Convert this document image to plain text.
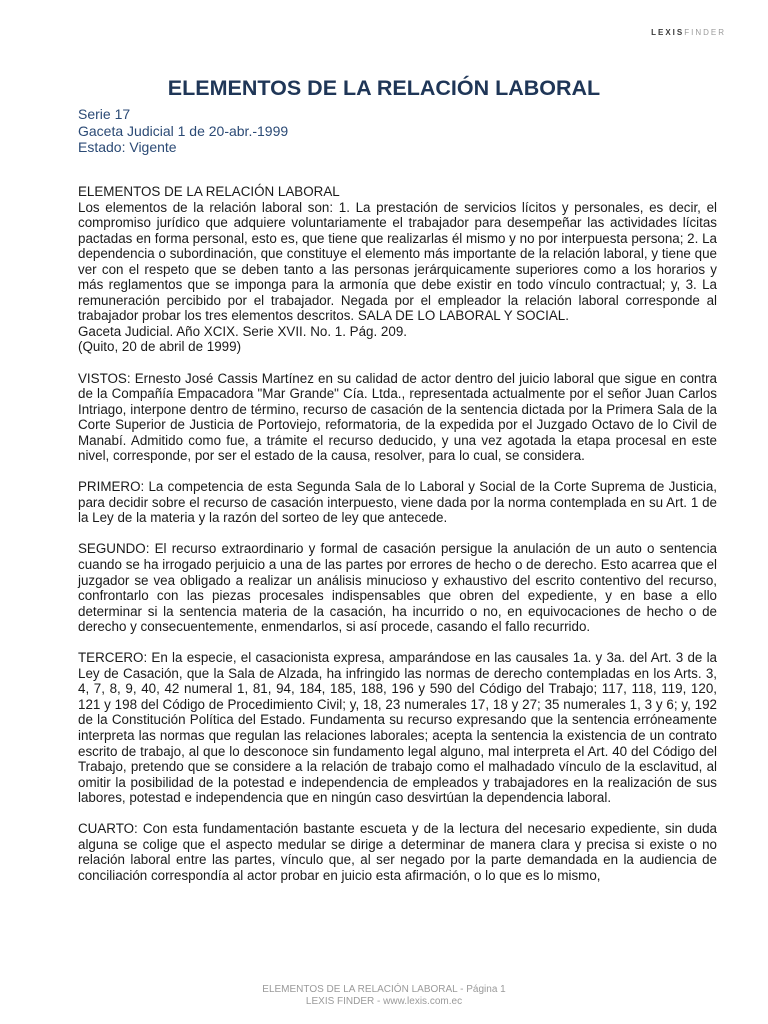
LEXISFINDER
ELEMENTOS DE LA RELACIÓN LABORAL
Serie 17
Gaceta Judicial 1 de 20-abr.-1999
Estado: Vigente

ELEMENTOS DE LA RELACIÓN LABORAL
Los elementos de la relación laboral son: 1. La prestación de servicios lícitos y personales, es decir, el compromiso jurídico que adquiere voluntariamente el trabajador para desempeñar las actividades lícitas pactadas en forma personal, esto es, que tiene que realizarlas él mismo y no por interpuesta persona; 2. La dependencia o subordinación, que constituye el elemento más importante de la relación laboral, y tiene que ver con el respeto que se deben tanto a las personas jerárquicamente superiores como a los horarios y más reglamentos que se imponga para la armonía que debe existir en todo vínculo contractual; y, 3. La remuneración percibido por el trabajador. Negada por el empleador la relación laboral corresponde al trabajador probar los tres elementos descritos. SALA DE LO LABORAL Y SOCIAL.
Gaceta Judicial. Año XCIX. Serie XVII. No. 1. Pág. 209.
(Quito, 20 de abril de 1999)

VISTOS: Ernesto José Cassis Martínez en su calidad de actor dentro del juicio laboral que sigue en contra de la Compañía Empacadora "Mar Grande" Cía. Ltda., representada actualmente por el señor Juan Carlos Intriago, interpone dentro de término, recurso de casación de la sentencia dictada por la Primera Sala de la Corte Superior de Justicia de Portoviejo, reformatoria, de la expedida por el Juzgado Octavo de lo Civil de Manabí. Admitido como fue, a trámite el recurso deducido, y una vez agotada la etapa procesal en este nivel, corresponde, por ser el estado de la causa, resolver, para lo cual, se considera.

PRIMERO: La competencia de esta Segunda Sala de lo Laboral y Social de la Corte Suprema de Justicia, para decidir sobre el recurso de casación interpuesto, viene dada por la norma contemplada en su Art. 1 de la Ley de la materia y la razón del sorteo de ley que antecede.

SEGUNDO: El recurso extraordinario y formal de casación persigue la anulación de un auto o sentencia cuando se ha irrogado perjuicio a una de las partes por errores de hecho o de derecho. Esto acarrea que el juzgador se vea obligado a realizar un análisis minucioso y exhaustivo del escrito contentivo del recurso, confrontarlo con las piezas procesales indispensables que obren del expediente, y en base a ello determinar si la sentencia materia de la casación, ha incurrido o no, en equivocaciones de hecho o de derecho y consecuentemente, enmendarlos, si así procede, casando el fallo recurrido.

TERCERO: En la especie, el casacionista expresa, amparándose en las causales 1a. y 3a. del Art. 3 de la Ley de Casación, que la Sala de Alzada, ha infringido las normas de derecho contempladas en los Arts. 3, 4, 7, 8, 9, 40, 42 numeral 1, 81, 94, 184, 185, 188, 196 y 590 del Código del Trabajo; 117, 118, 119, 120, 121 y 198 del Código de Procedimiento Civil; y, 18, 23 numerales 17, 18 y 27; 35 numerales 1, 3 y 6; y, 192 de la Constitución Política del Estado. Fundamenta su recurso expresando que la sentencia erróneamente interpreta las normas que regulan las relaciones laborales; acepta la sentencia la existencia de un contrato escrito de trabajo, al que lo desconoce sin fundamento legal alguno, mal interpreta el Art. 40 del Código del Trabajo, pretendo que se considere a la relación de trabajo como el malhadado vínculo de la esclavitud, al omitir la posibilidad de la potestad e independencia de empleados y trabajadores en la realización de sus labores, potestad e independencia que en ningún caso desvirtúan la dependencia laboral.

CUARTO: Con esta fundamentación bastante escueta y de la lectura del necesario expediente, sin duda alguna se colige que el aspecto medular se dirige a determinar de manera clara y precisa si existe o no relación laboral entre las partes, vínculo que, al ser negado por la parte demandada en la audiencia de conciliación correspondía al actor probar en juicio esta afirmación, o lo que es lo mismo,

ELEMENTOS DE LA RELACIÓN LABORAL - Página 1
LEXIS FINDER - www.lexis.com.ec
